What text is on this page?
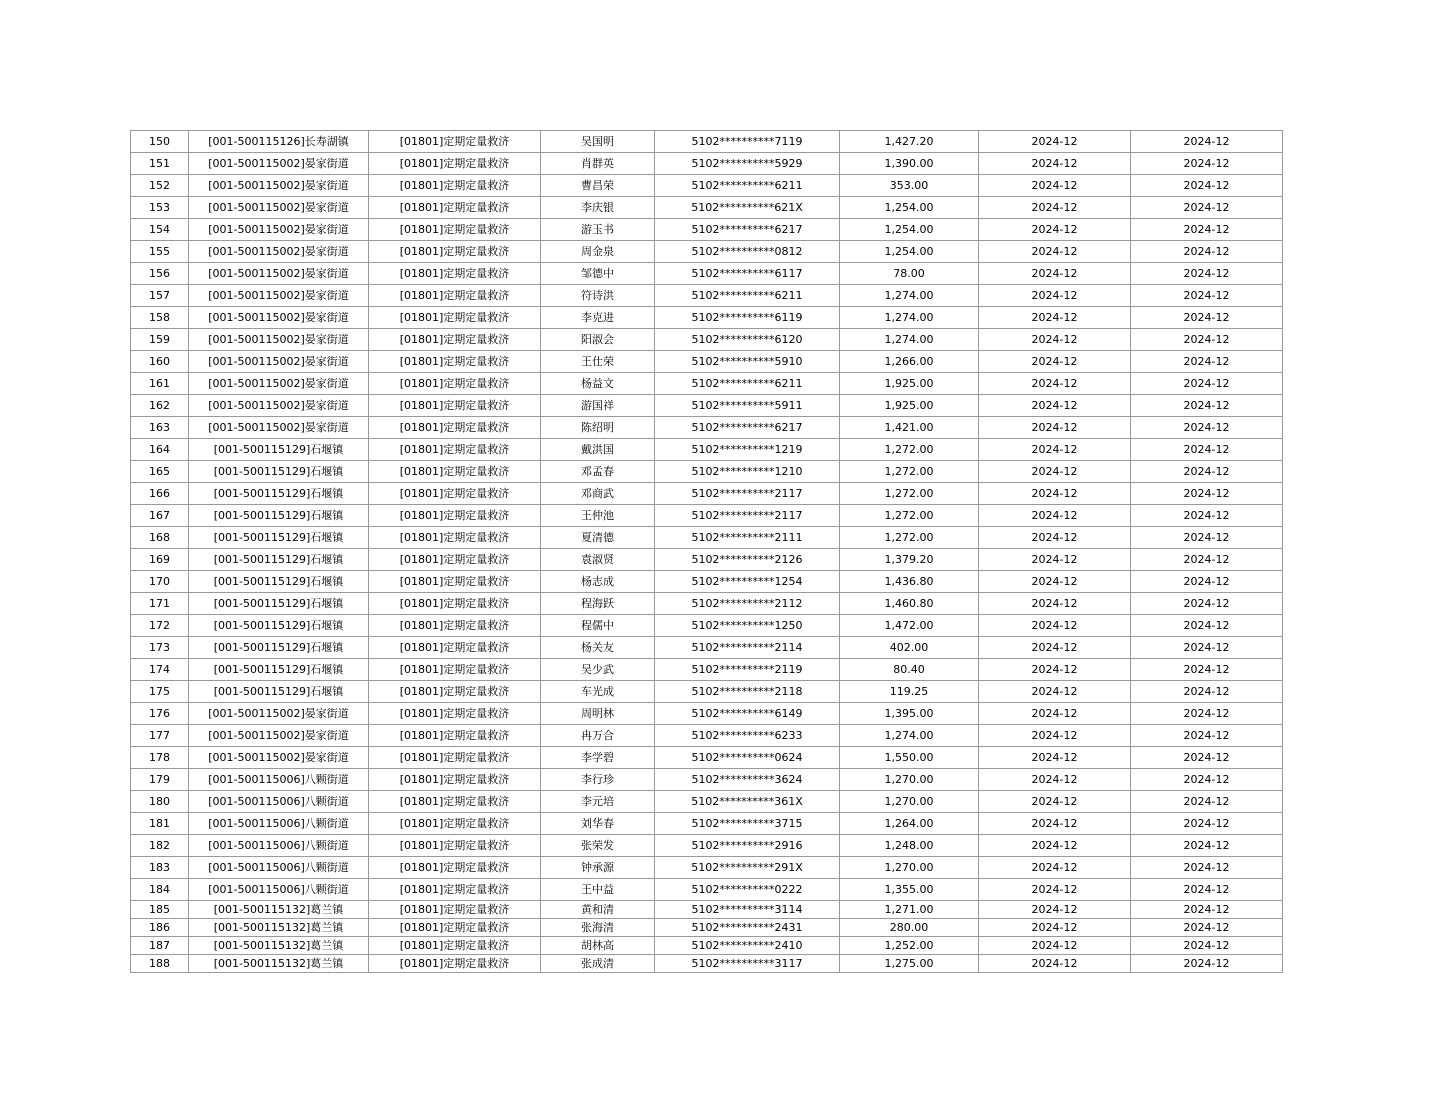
150	[001-500115126]长寿湖镇	[01801]定期定量救济	吴国明	5102**********7119	1,427.20	2024-12	2024-12
151	[001-500115002]晏家街道	[01801]定期定量救济	肖群英	5102**********5929	1,390.00	2024-12	2024-12
152	[001-500115002]晏家街道	[01801]定期定量救济	曹昌荣	5102**********6211	353.00	2024-12	2024-12
153	[001-500115002]晏家街道	[01801]定期定量救济	李庆银	5102**********621X	1,254.00	2024-12	2024-12
154	[001-500115002]晏家街道	[01801]定期定量救济	游玉书	5102**********6217	1,254.00	2024-12	2024-12
155	[001-500115002]晏家街道	[01801]定期定量救济	周金泉	5102**********0812	1,254.00	2024-12	2024-12
156	[001-500115002]晏家街道	[01801]定期定量救济	邹德中	5102**********6117	78.00	2024-12	2024-12
157	[001-500115002]晏家街道	[01801]定期定量救济	符诗洪	5102**********6211	1,274.00	2024-12	2024-12
158	[001-500115002]晏家街道	[01801]定期定量救济	李克进	5102**********6119	1,274.00	2024-12	2024-12
159	[001-500115002]晏家街道	[01801]定期定量救济	阳淑会	5102**********6120	1,274.00	2024-12	2024-12
160	[001-500115002]晏家街道	[01801]定期定量救济	王仕荣	5102**********5910	1,266.00	2024-12	2024-12
161	[001-500115002]晏家街道	[01801]定期定量救济	杨益文	5102**********6211	1,925.00	2024-12	2024-12
162	[001-500115002]晏家街道	[01801]定期定量救济	游国祥	5102**********5911	1,925.00	2024-12	2024-12
163	[001-500115002]晏家街道	[01801]定期定量救济	陈绍明	5102**********6217	1,421.00	2024-12	2024-12
164	[001-500115129]石堰镇	[01801]定期定量救济	戴洪国	5102**********1219	1,272.00	2024-12	2024-12
165	[001-500115129]石堰镇	[01801]定期定量救济	邓孟春	5102**********1210	1,272.00	2024-12	2024-12
166	[001-500115129]石堰镇	[01801]定期定量救济	邓商武	5102**********2117	1,272.00	2024-12	2024-12
167	[001-500115129]石堰镇	[01801]定期定量救济	王仲池	5102**********2117	1,272.00	2024-12	2024-12
168	[001-500115129]石堰镇	[01801]定期定量救济	夏清德	5102**********2111	1,272.00	2024-12	2024-12
169	[001-500115129]石堰镇	[01801]定期定量救济	袁淑贤	5102**********2126	1,379.20	2024-12	2024-12
170	[001-500115129]石堰镇	[01801]定期定量救济	杨志成	5102**********1254	1,436.80	2024-12	2024-12
171	[001-500115129]石堰镇	[01801]定期定量救济	程海跃	5102**********2112	1,460.80	2024-12	2024-12
172	[001-500115129]石堰镇	[01801]定期定量救济	程儒中	5102**********1250	1,472.00	2024-12	2024-12
173	[001-500115129]石堰镇	[01801]定期定量救济	杨关友	5102**********2114	402.00	2024-12	2024-12
174	[001-500115129]石堰镇	[01801]定期定量救济	吴少武	5102**********2119	80.40	2024-12	2024-12
175	[001-500115129]石堰镇	[01801]定期定量救济	车光成	5102**********2118	119.25	2024-12	2024-12
176	[001-500115002]晏家街道	[01801]定期定量救济	周明林	5102**********6149	1,395.00	2024-12	2024-12
177	[001-500115002]晏家街道	[01801]定期定量救济	冉万合	5102**********6233	1,274.00	2024-12	2024-12
178	[001-500115002]晏家街道	[01801]定期定量救济	李学碧	5102**********0624	1,550.00	2024-12	2024-12
179	[001-500115006]八颗街道	[01801]定期定量救济	李行珍	5102**********3624	1,270.00	2024-12	2024-12
180	[001-500115006]八颗街道	[01801]定期定量救济	李元培	5102**********361X	1,270.00	2024-12	2024-12
181	[001-500115006]八颗街道	[01801]定期定量救济	刘华春	5102**********3715	1,264.00	2024-12	2024-12
182	[001-500115006]八颗街道	[01801]定期定量救济	张荣发	5102**********2916	1,248.00	2024-12	2024-12
183	[001-500115006]八颗街道	[01801]定期定量救济	钟承源	5102**********291X	1,270.00	2024-12	2024-12
184	[001-500115006]八颗街道	[01801]定期定量救济	王中益	5102**********0222	1,355.00	2024-12	2024-12
185	[001-500115132]葛兰镇	[01801]定期定量救济	黄和清	5102**********3114	1,271.00	2024-12	2024-12
186	[001-500115132]葛兰镇	[01801]定期定量救济	张海清	5102**********2431	280.00	2024-12	2024-12
187	[001-500115132]葛兰镇	[01801]定期定量救济	胡林高	5102**********2410	1,252.00	2024-12	2024-12
188	[001-500115132]葛兰镇	[01801]定期定量救济	张成清	5102**********3117	1,275.00	2024-12	2024-12
